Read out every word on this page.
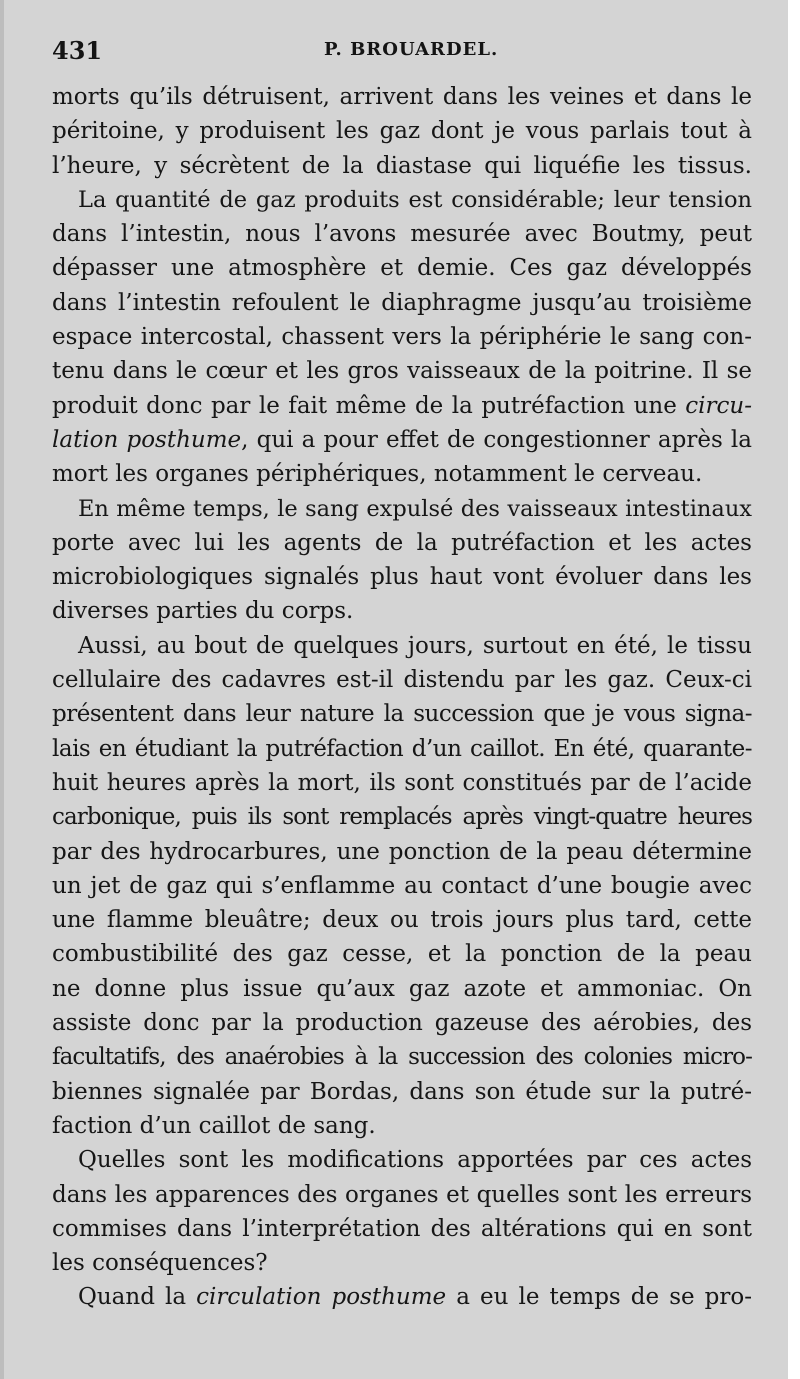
431	P. BROUARDEL.
morts qu’ils détruisent, arrivent dans les veines et dans le
péritoine, y produisent les gaz dont je vous parlais tout à
l’heure, y sécrètent de la diastase qui liquéfie les tissus.
La quantité de gaz produits est considérable; leur tension
dans l’intestin, nous l’avons mesurée avec Boutmy, peut
dépasser une atmosphère et demie. Ces gaz développés
dans l’intestin refoulent le diaphragme jusqu’au troisième
espace intercostal, chassent vers la périphérie le sang con-
tenu dans le cœur et les gros vaisseaux de la poitrine. Il se
produit donc par le fait même de la putréfaction une circu-
lation posthume, qui a pour effet de congestionner après la
mort les organes périphériques, notamment le cerveau.
En même temps, le sang expulsé des vaisseaux intestinaux
porte avec lui les agents de la putréfaction et les actes
microbiologiques signalés plus haut vont évoluer dans les
diverses parties du corps.
Aussi, au bout de quelques jours, surtout en été, le tissu
cellulaire des cadavres est-il distendu par les gaz. Ceux-ci
présentent dans leur nature la succession que je vous signa-
lais en étudiant la putréfaction d’un caillot. En été, quarante-
huit heures après la mort, ils sont constitués par de l’acide
carbonique, puis ils sont remplacés après vingt-quatre heures
par des hydrocarbures, une ponction de la peau détermine
un jet de gaz qui s’enflamme au contact d’une bougie avec
une flamme bleuâtre; deux ou trois jours plus tard, cette
combustibilité des gaz cesse, et la ponction de la peau
ne donne plus issue qu’aux gaz azote et ammoniac. On
assiste donc par la production gazeuse des aérobies, des
facultatifs, des anaérobies à la succession des colonies micro-
biennes signalée par Bordas, dans son étude sur la putré-
faction d’un caillot de sang.
Quelles sont les modifications apportées par ces actes
dans les apparences des organes et quelles sont les erreurs
commises dans l’interprétation des altérations qui en sont
les conséquences?
Quand la circulation posthume a eu le temps de se pro-
